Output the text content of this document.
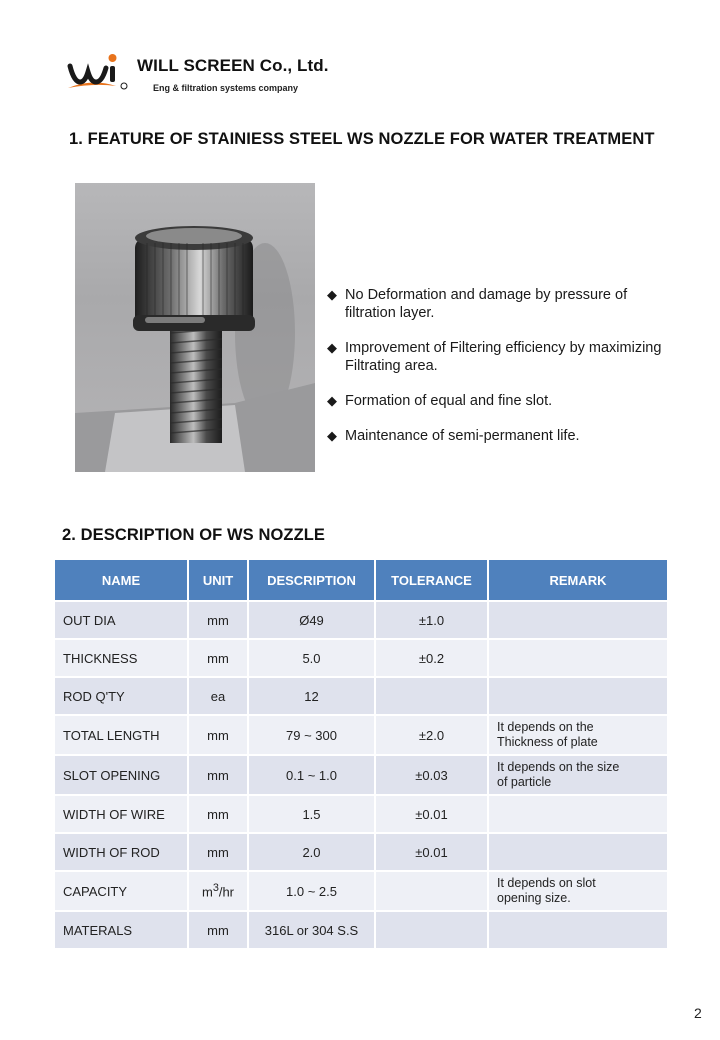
WILL SCREEN Co., Ltd.
Eng & filtration systems company
1. FEATURE OF STAINIESS STEEL WS NOZZLE FOR WATER TREATMENT
◆ No Deformation and damage by pressure of
filtration layer.
◆ Improvement of Filtering efficiency by maximizing
Filtrating area.
◆ Formation of equal and fine slot.
◆ Maintenance of semi-permanent life.
2. DESCRIPTION OF WS NOZZLE
NAME	UNIT	DESCRIPTION	TOLERANCE	REMARK
OUT DIA	mm	Ø49	±1.0	
THICKNESS	mm	5.0	±0.2	
ROD Q'TY	ea	12		
TOTAL LENGTH	mm	79 ~ 300	±2.0	It depends on the
Thickness of plate

SLOT OPENING	mm	0.1 ~ 1.0	±0.03	It depends on the size
of particle

WIDTH OF WIRE	mm	1.5	±0.01	
WIDTH OF ROD	mm	2.0	±0.01	
CAPACITY	$m^3/hr$	1.0 ~ 2.5		It depends on slot
opening size.

MATERALS	mm	316L or 304 S.S		
2
